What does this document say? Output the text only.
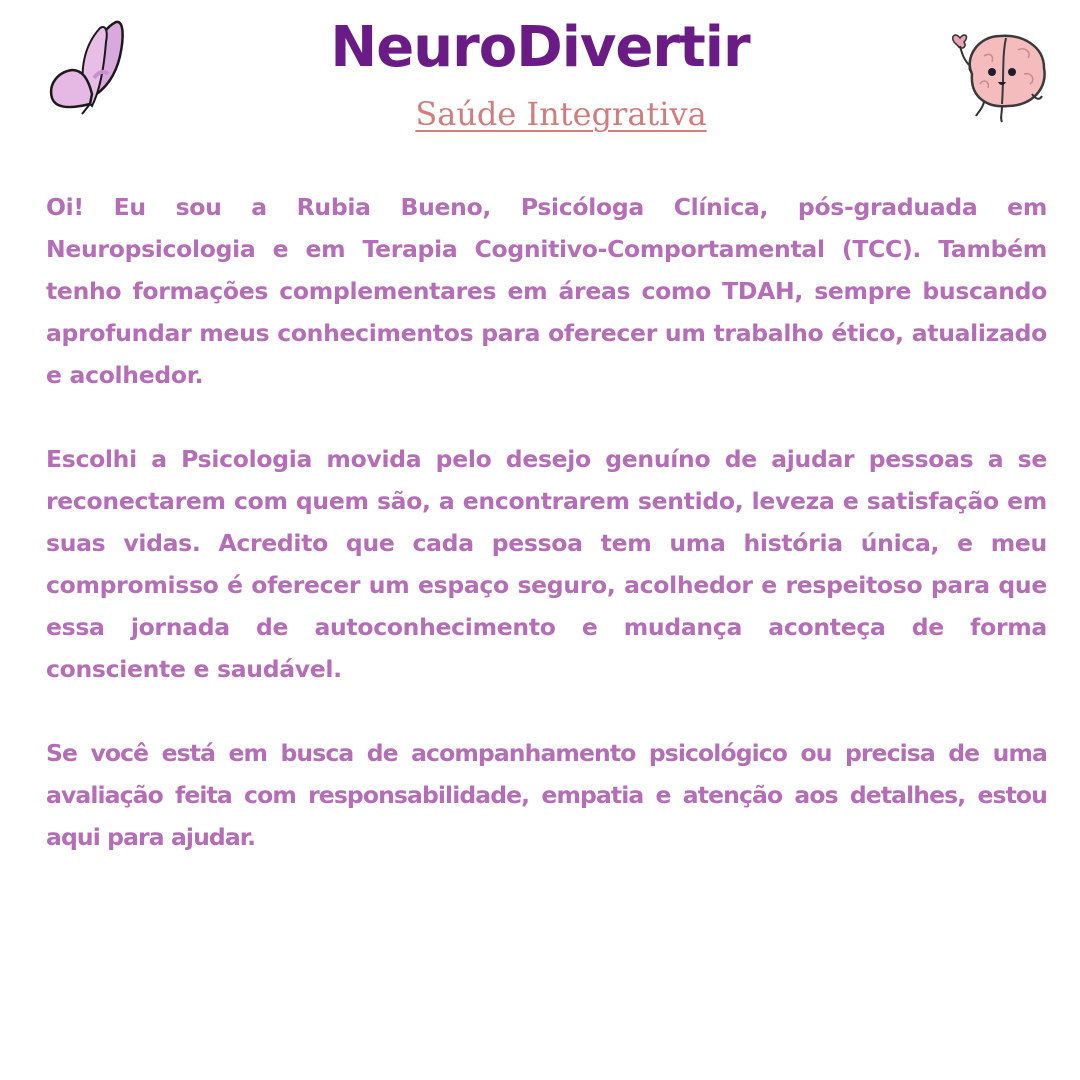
NeuroDivertir
Saúde Integrativa

Oi! Eu sou a Rubia Bueno, Psicóloga Clínica, pós-graduada em Neuropsicologia e em Terapia Cognitivo-Comportamental (TCC). Também tenho formações complementares em áreas como TDAH, sempre buscando aprofundar meus conhecimentos para oferecer um trabalho ético, atualizado e acolhedor.

Escolhi a Psicologia movida pelo desejo genuíno de ajudar pessoas a se reconectarem com quem são, a encontrarem sentido, leveza e satisfação em suas vidas. Acredito que cada pessoa tem uma história única, e meu compromisso é oferecer um espaço seguro, acolhedor e respeitoso para que essa jornada de autoconhecimento e mudança aconteça de forma consciente e saudável.

Se você está em busca de acompanhamento psicológico ou precisa de uma avaliação feita com responsabilidade, empatia e atenção aos detalhes, estou aqui para ajudar.
